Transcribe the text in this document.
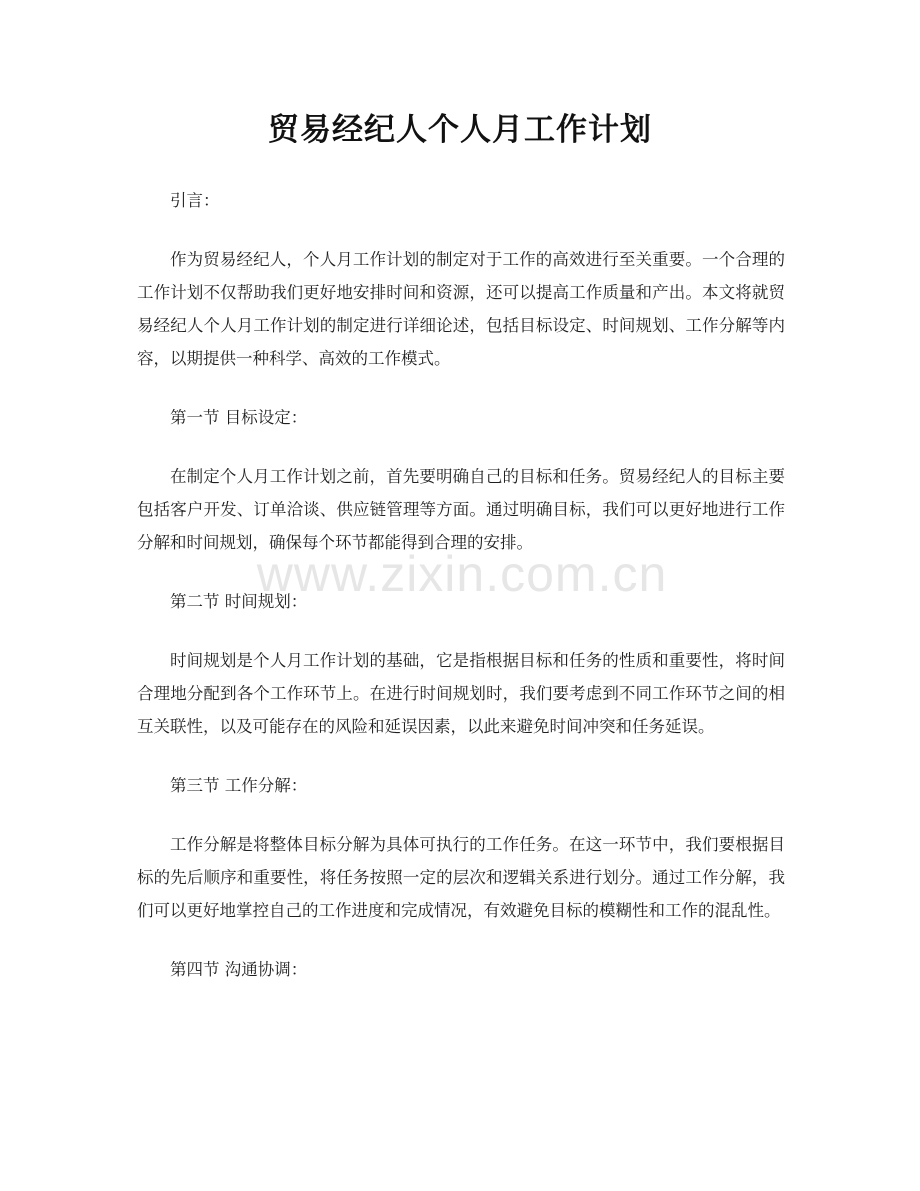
贸易经纪人个人月工作计划

引言：

作为贸易经纪人，个人月工作计划的制定对于工作的高效进行至关重要。一个合理的工作计划不仅帮助我们更好地安排时间和资源，还可以提高工作质量和产出。本文将就贸易经纪人个人月工作计划的制定进行详细论述，包括目标设定、时间规划、工作分解等内容，以期提供一种科学、高效的工作模式。

第一节 目标设定：

在制定个人月工作计划之前，首先要明确自己的目标和任务。贸易经纪人的目标主要包括客户开发、订单洽谈、供应链管理等方面。通过明确目标，我们可以更好地进行工作分解和时间规划，确保每个环节都能得到合理的安排。

第二节 时间规划：

时间规划是个人月工作计划的基础，它是指根据目标和任务的性质和重要性，将时间合理地分配到各个工作环节上。在进行时间规划时，我们要考虑到不同工作环节之间的相互关联性，以及可能存在的风险和延误因素，以此来避免时间冲突和任务延误。

第三节 工作分解：

工作分解是将整体目标分解为具体可执行的工作任务。在这一环节中，我们要根据目标的先后顺序和重要性，将任务按照一定的层次和逻辑关系进行划分。通过工作分解，我们可以更好地掌控自己的工作进度和完成情况，有效避免目标的模糊性和工作的混乱性。

第四节 沟通协调：

www.zixin.com.cn
